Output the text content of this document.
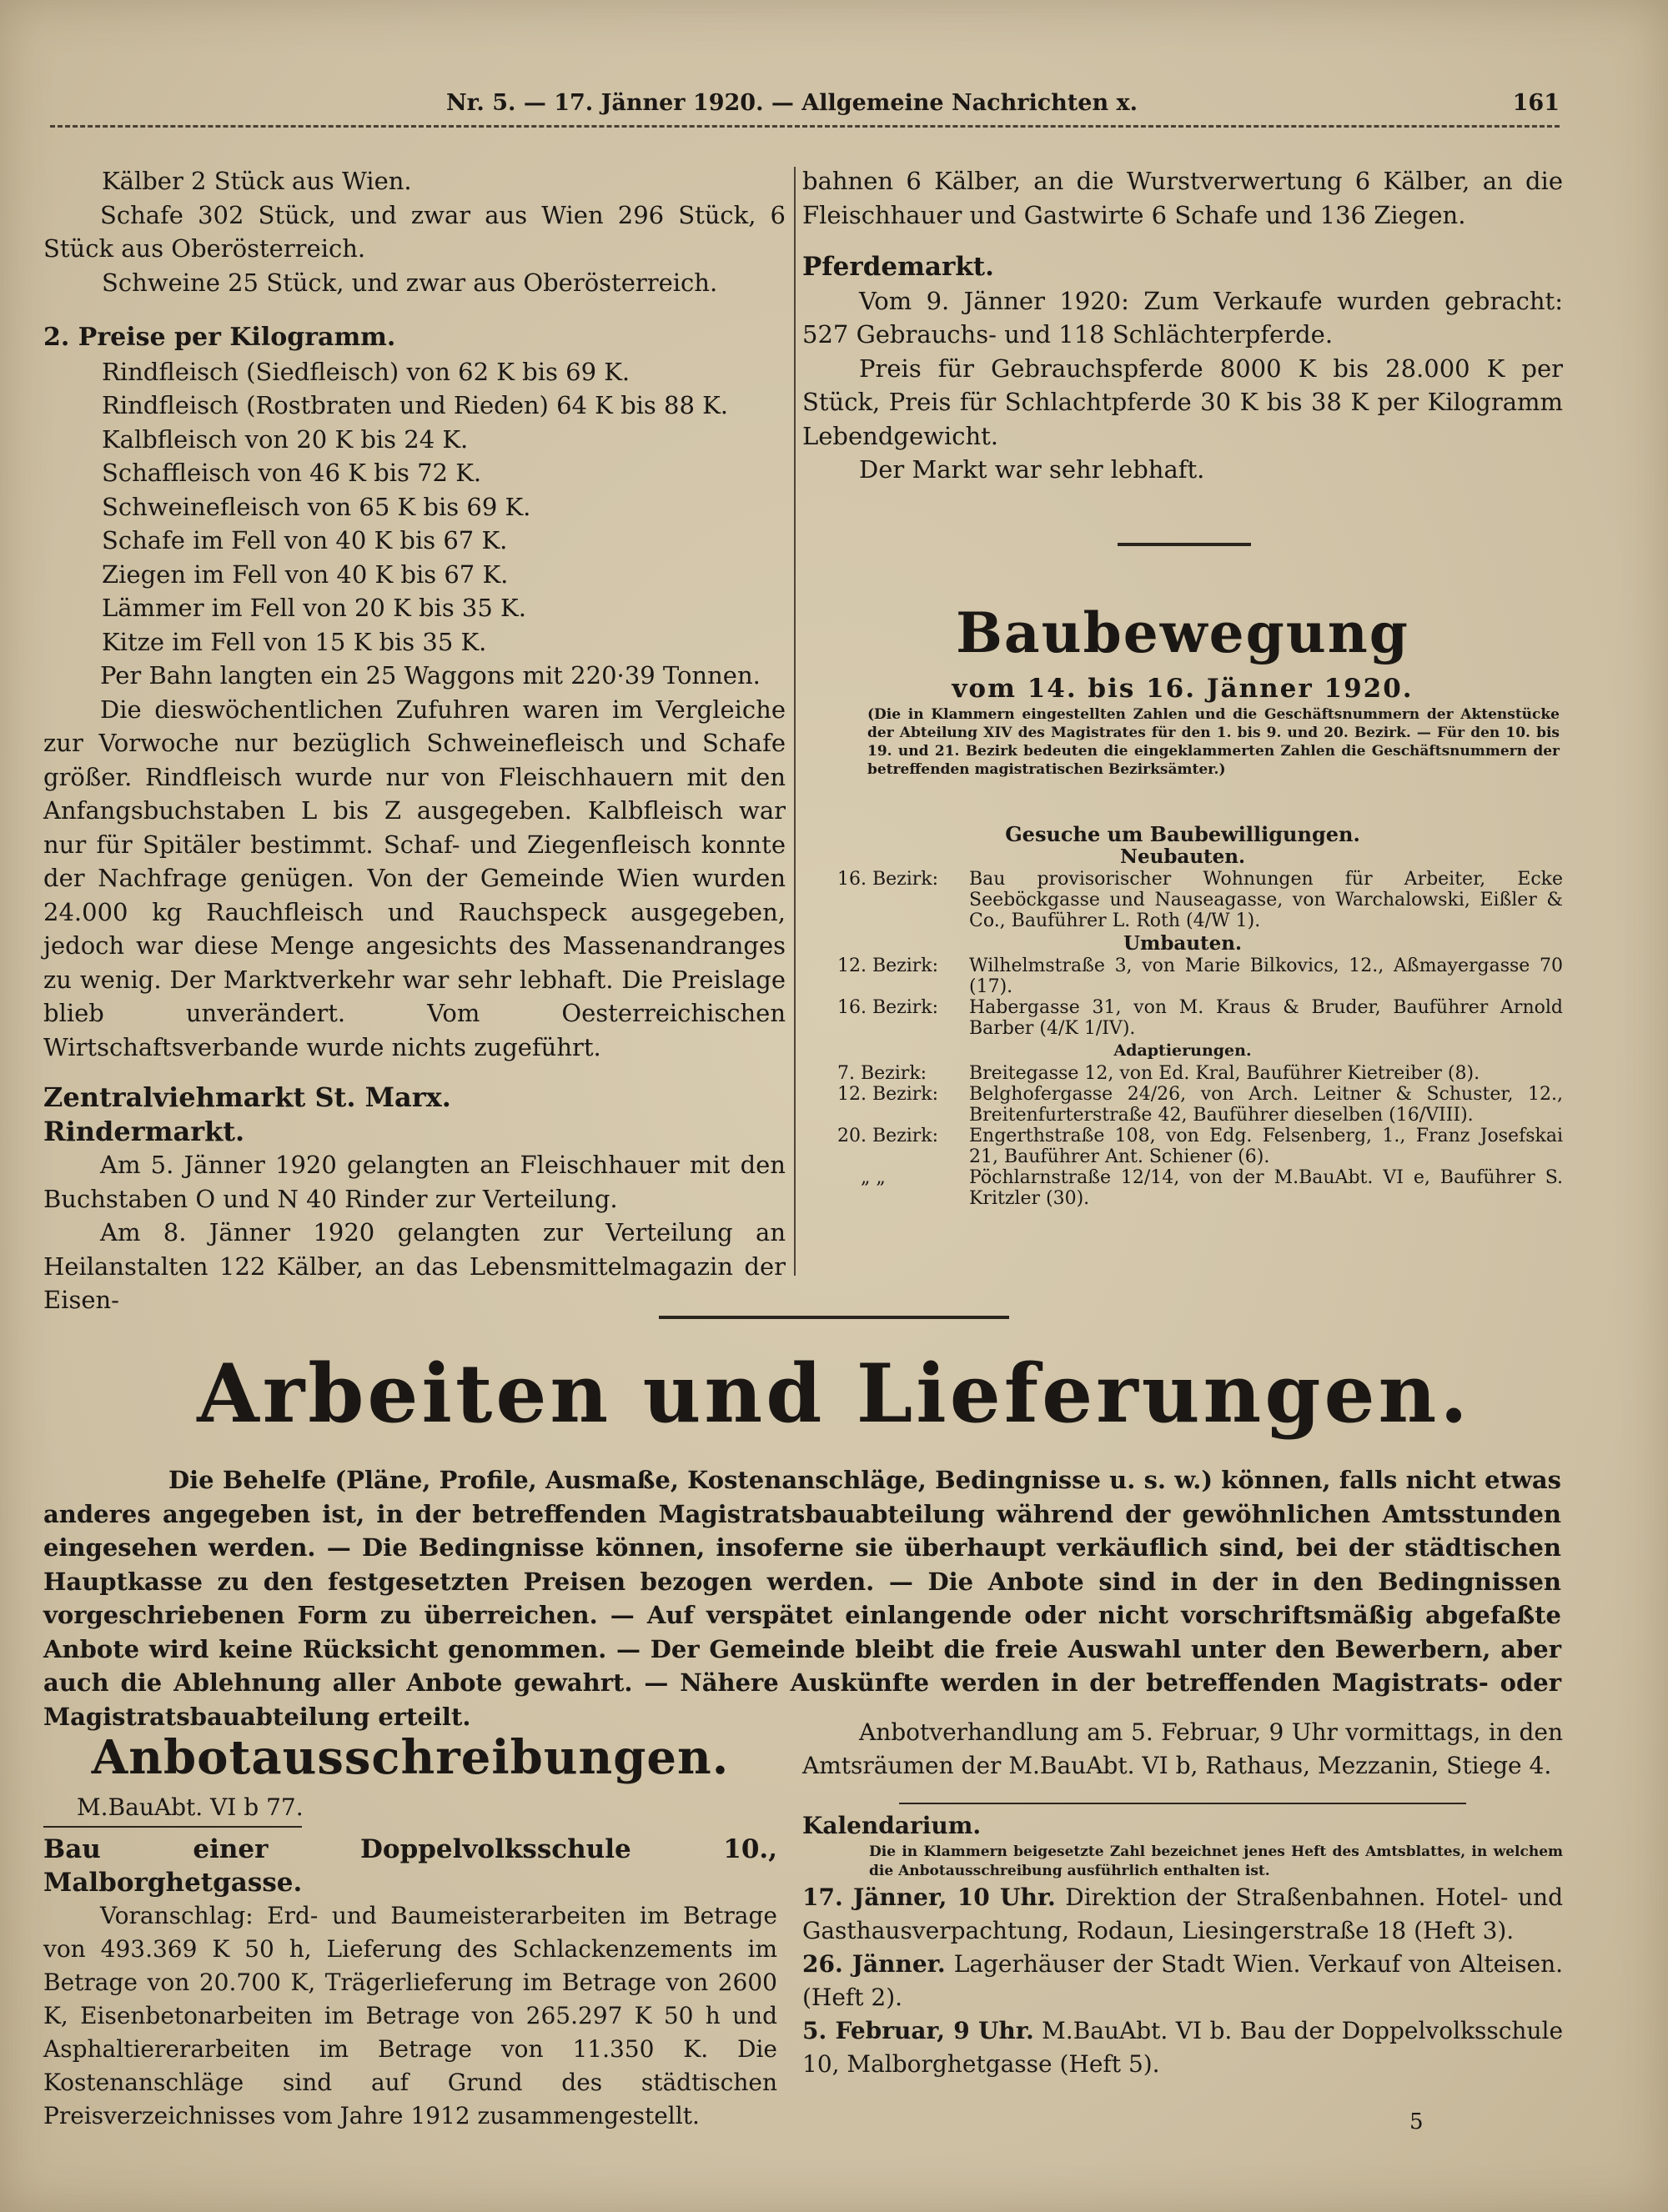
Nr. 5. — 17. Jänner 1920. — Allgemeine Nachrichten x.	161

Kälber 2 Stück aus Wien.

Schafe 302 Stück, und zwar aus Wien 296 Stück, 6 Stück aus Oberösterreich.

Schweine 25 Stück, und zwar aus Oberösterreich.

2. Preise per Kilogramm.

Rindfleisch (Siedfleisch) von 62 K bis 69 K.

Rindfleisch (Rostbraten und Rieden) 64 K bis 88 K.

Kalbfleisch von 20 K bis 24 K.

Schaffleisch von 46 K bis 72 K.

Schweinefleisch von 65 K bis 69 K.

Schafe im Fell von 40 K bis 67 K.

Ziegen im Fell von 40 K bis 67 K.

Lämmer im Fell von 20 K bis 35 K.

Kitze im Fell von 15 K bis 35 K.

Per Bahn langten ein 25 Waggons mit 220·39 Tonnen.

Die dieswöchentlichen Zufuhren waren im Vergleiche zur Vorwoche nur bezüglich Schweinefleisch und Schafe größer. Rindfleisch wurde nur von Fleischhauern mit den Anfangsbuchstaben L bis Z ausgegeben. Kalbfleisch war nur für Spitäler bestimmt. Schaf- und Ziegenfleisch konnte der Nachfrage genügen. Von der Gemeinde Wien wurden 24.000 kg Rauchfleisch und Rauchspeck ausgegeben, jedoch war diese Menge angesichts des Massenandranges zu wenig. Der Marktverkehr war sehr lebhaft. Die Preislage blieb unverändert. Vom Oesterreichischen Wirtschaftsverbande wurde nichts zugeführt.

Zentralviehmarkt St. Marx.

Rindermarkt.

Am 5. Jänner 1920 gelangten an Fleischhauer mit den Buchstaben O und N 40 Rinder zur Verteilung.

Am 8. Jänner 1920 gelangten zur Verteilung an Heilanstalten 122 Kälber, an das Lebensmittelmagazin der Eisen-

bahnen 6 Kälber, an die Wurstverwertung 6 Kälber, an die Fleischhauer und Gastwirte 6 Schafe und 136 Ziegen.

Pferdemarkt.

Vom 9. Jänner 1920: Zum Verkaufe wurden gebracht: 527 Gebrauchs- und 118 Schlächterpferde.

Preis für Gebrauchspferde 8000 K bis 28.000 K per Stück, Preis für Schlachtpferde 30 K bis 38 K per Kilogramm Lebendgewicht.

Der Markt war sehr lebhaft.

Baubewegung
vom 14. bis 16. Jänner 1920.
(Die in Klammern eingestellten Zahlen und die Geschäftsnummern der Aktenstücke der Abteilung XIV des Magistrates für den 1. bis 9. und 20. Bezirk. — Für den 10. bis 19. und 21. Bezirk bedeuten die eingeklammerten Zahlen die Geschäftsnummern der betreffenden magistratischen Bezirksämter.)
Gesuche um Baubewilligungen.
Neubauten.
16. Bezirk:	Bau provisorischer Wohnungen für Arbeiter, Ecke Seeböckgasse und Nauseagasse, von Warchalowski, Eißler & Co., Bauführer L. Roth (4/W 1).
Umbauten.
12. Bezirk:	Wilhelmstraße 3, von Marie Bilkovics, 12., Aßmayergasse 70 (17).
16. Bezirk:	Habergasse 31, von M. Kraus & Bruder, Bauführer Arnold Barber (4/K 1/IV).
Adaptierungen.
7. Bezirk:	Breitegasse 12, von Ed. Kral, Bauführer Kietreiber (8).
12. Bezirk:	Belghofergasse 24/26, von Arch. Leitner & Schuster, 12., Breitenfurterstraße 42, Bauführer dieselben (16/VIII).
20. Bezirk:	Engerthstraße 108, von Edg. Felsenberg, 1., Franz Josefskai 21, Bauführer Ant. Schiener (6).
„ „	Pöchlarnstraße 12/14, von der M.BauAbt. VI e, Bauführer S. Kritzler (30).
Arbeiten und Lieferungen.

Die Behelfe (Pläne, Profile, Ausmaße, Kostenanschläge, Bedingnisse u. s. w.) können, falls nicht etwas anderes angegeben ist, in der betreffenden Magistratsbauabteilung während der gewöhnlichen Amtsstunden eingesehen werden. — Die Bedingnisse können, insoferne sie überhaupt verkäuflich sind, bei der städtischen Hauptkasse zu den festgesetzten Preisen bezogen werden. — Die Anbote sind in der in den Bedingnissen vorgeschriebenen Form zu überreichen. — Auf verspätet einlangende oder nicht vorschriftsmäßig abgefaßte Anbote wird keine Rücksicht genommen. — Der Gemeinde bleibt die freie Auswahl unter den Bewerbern, aber auch die Ablehnung aller Anbote gewahrt. — Nähere Auskünfte werden in der betreffenden Magistrats- oder Magistratsbauabteilung erteilt.

Anbotausschreibungen.

M.BauAbt. VI b 77.

Bau einer Doppelvolksschule 10., Malborghetgasse.

Voranschlag: Erd- und Baumeisterarbeiten im Betrage von 493.369 K 50 h, Lieferung des Schlackenzements im Betrage von 20.700 K, Trägerlieferung im Betrage von 2600 K, Eisenbetonarbeiten im Betrage von 265.297 K 50 h und Asphaltiererarbeiten im Betrage von 11.350 K. Die Kostenanschläge sind auf Grund des städtischen Preisverzeichnisses vom Jahre 1912 zusammengestellt.

Anbotverhandlung am 5. Februar, 9 Uhr vormittags, in den Amtsräumen der M.BauAbt. VI b, Rathaus, Mezzanin, Stiege 4.

Kalendarium.

Die in Klammern beigesetzte Zahl bezeichnet jenes Heft des Amtsblattes, in welchem die Anbotausschreibung ausführlich enthalten ist.

17. Jänner, 10 Uhr. Direktion der Straßenbahnen. Hotel- und Gasthausverpachtung, Rodaun, Liesingerstraße 18 (Heft 3).

26. Jänner. Lagerhäuser der Stadt Wien. Verkauf von Alteisen. (Heft 2).

5. Februar, 9 Uhr. M.BauAbt. VI b. Bau der Doppelvolksschule 10, Malborghetgasse (Heft 5).

5
